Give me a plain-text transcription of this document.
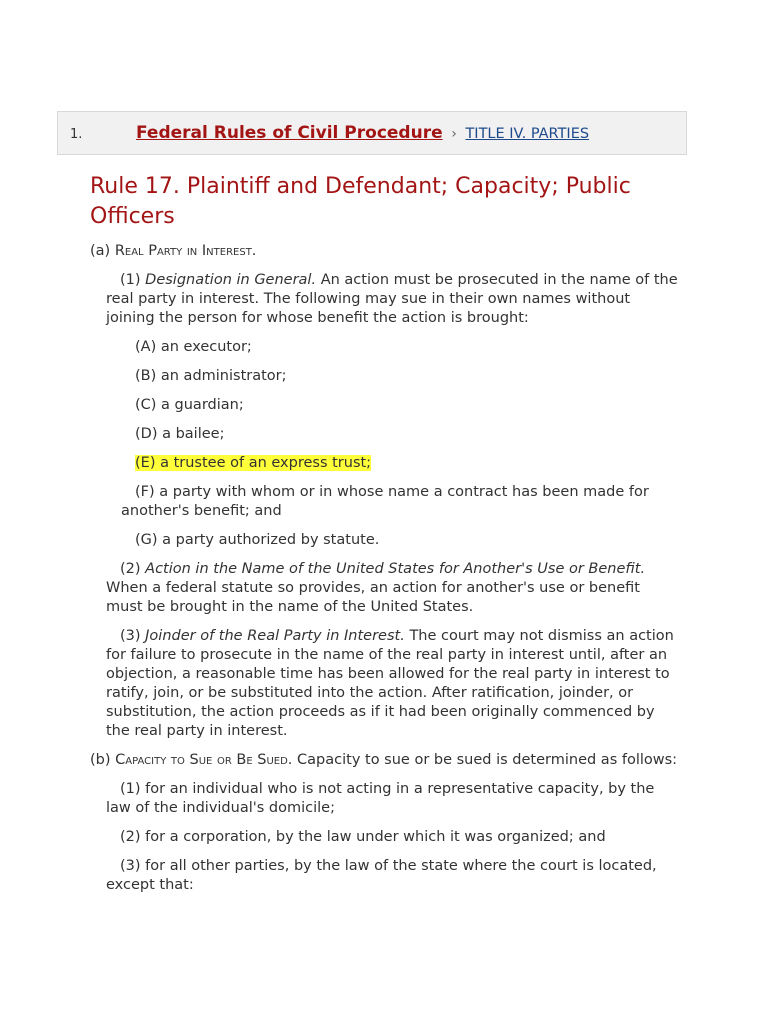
1.	Federal Rules of Civil Procedure › TITLE IV. PARTIES
Rule 17. Plaintiff and Defendant; Capacity; Public Officers

(a) Real Party in Interest.

(1) Designation in General. An action must be prosecuted in the name of the real party in interest. The following may sue in their own names without joining the person for whose benefit the action is brought:

(A) an executor;

(B) an administrator;

(C) a guardian;

(D) a bailee;

(E) a trustee of an express trust;

(F) a party with whom or in whose name a contract has been made for another's benefit; and

(G) a party authorized by statute.

(2) Action in the Name of the United States for Another's Use or Benefit. When a federal statute so provides, an action for another's use or benefit must be brought in the name of the United States.

(3) Joinder of the Real Party in Interest. The court may not dismiss an action for failure to prosecute in the name of the real party in interest until, after an objection, a reasonable time has been allowed for the real party in interest to ratify, join, or be substituted into the action. After ratification, joinder, or substitution, the action proceeds as if it had been originally commenced by the real party in interest.

(b) Capacity to Sue or Be Sued. Capacity to sue or be sued is determined as follows:

(1) for an individual who is not acting in a representative capacity, by the law of the individual's domicile;

(2) for a corporation, by the law under which it was organized; and

(3) for all other parties, by the law of the state where the court is located, except that:
